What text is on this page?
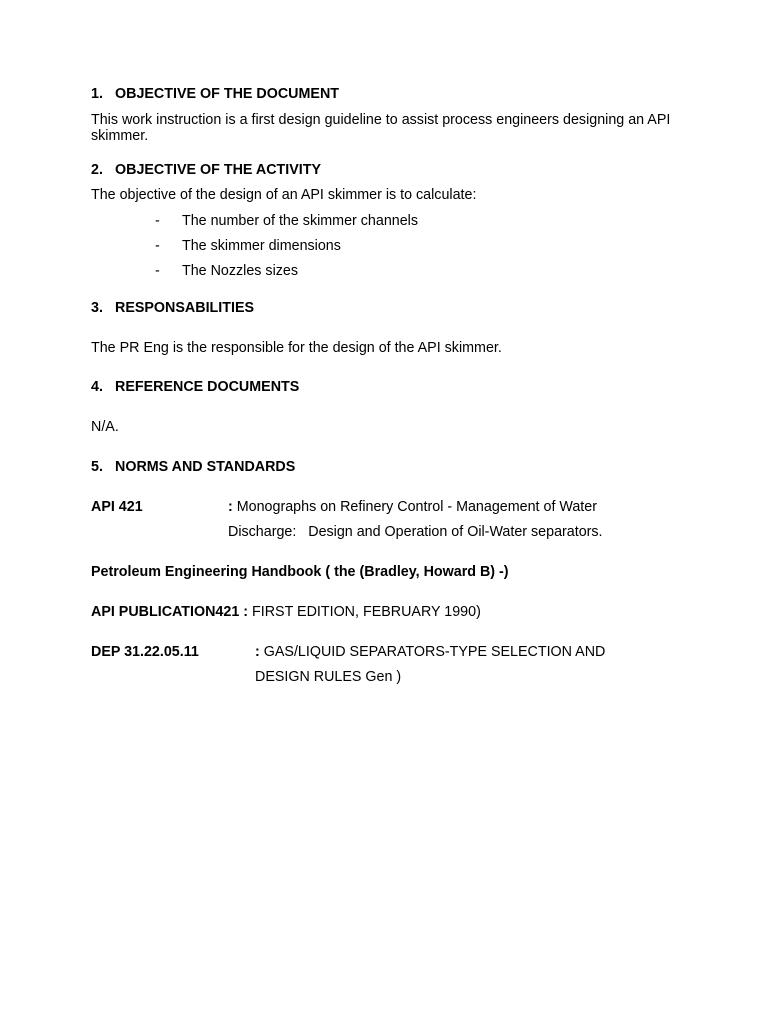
1. OBJECTIVE OF THE DOCUMENT
This work instruction is a first design guideline to assist process engineers designing an API skimmer.
2. OBJECTIVE OF THE ACTIVITY
The objective of the design of an API skimmer is to calculate:
- The number of the skimmer channels
- The skimmer dimensions
- The Nozzles sizes
3. RESPONSABILITIES
The PR Eng is the responsible for the design of the API skimmer.
4. REFERENCE DOCUMENTS
N/A.
5. NORMS AND STANDARDS
API 421	: Monographs on Refinery Control - Management of Water
Discharge:   Design and Operation of Oil-Water separators.
Petroleum Engineering Handbook ( the (Bradley, Howard B) -)
API PUBLICATION421 : FIRST EDITION, FEBRUARY 1990)
DEP 31.22.05.11	: GAS/LIQUID SEPARATORS-TYPE SELECTION AND
DESIGN RULES Gen )
